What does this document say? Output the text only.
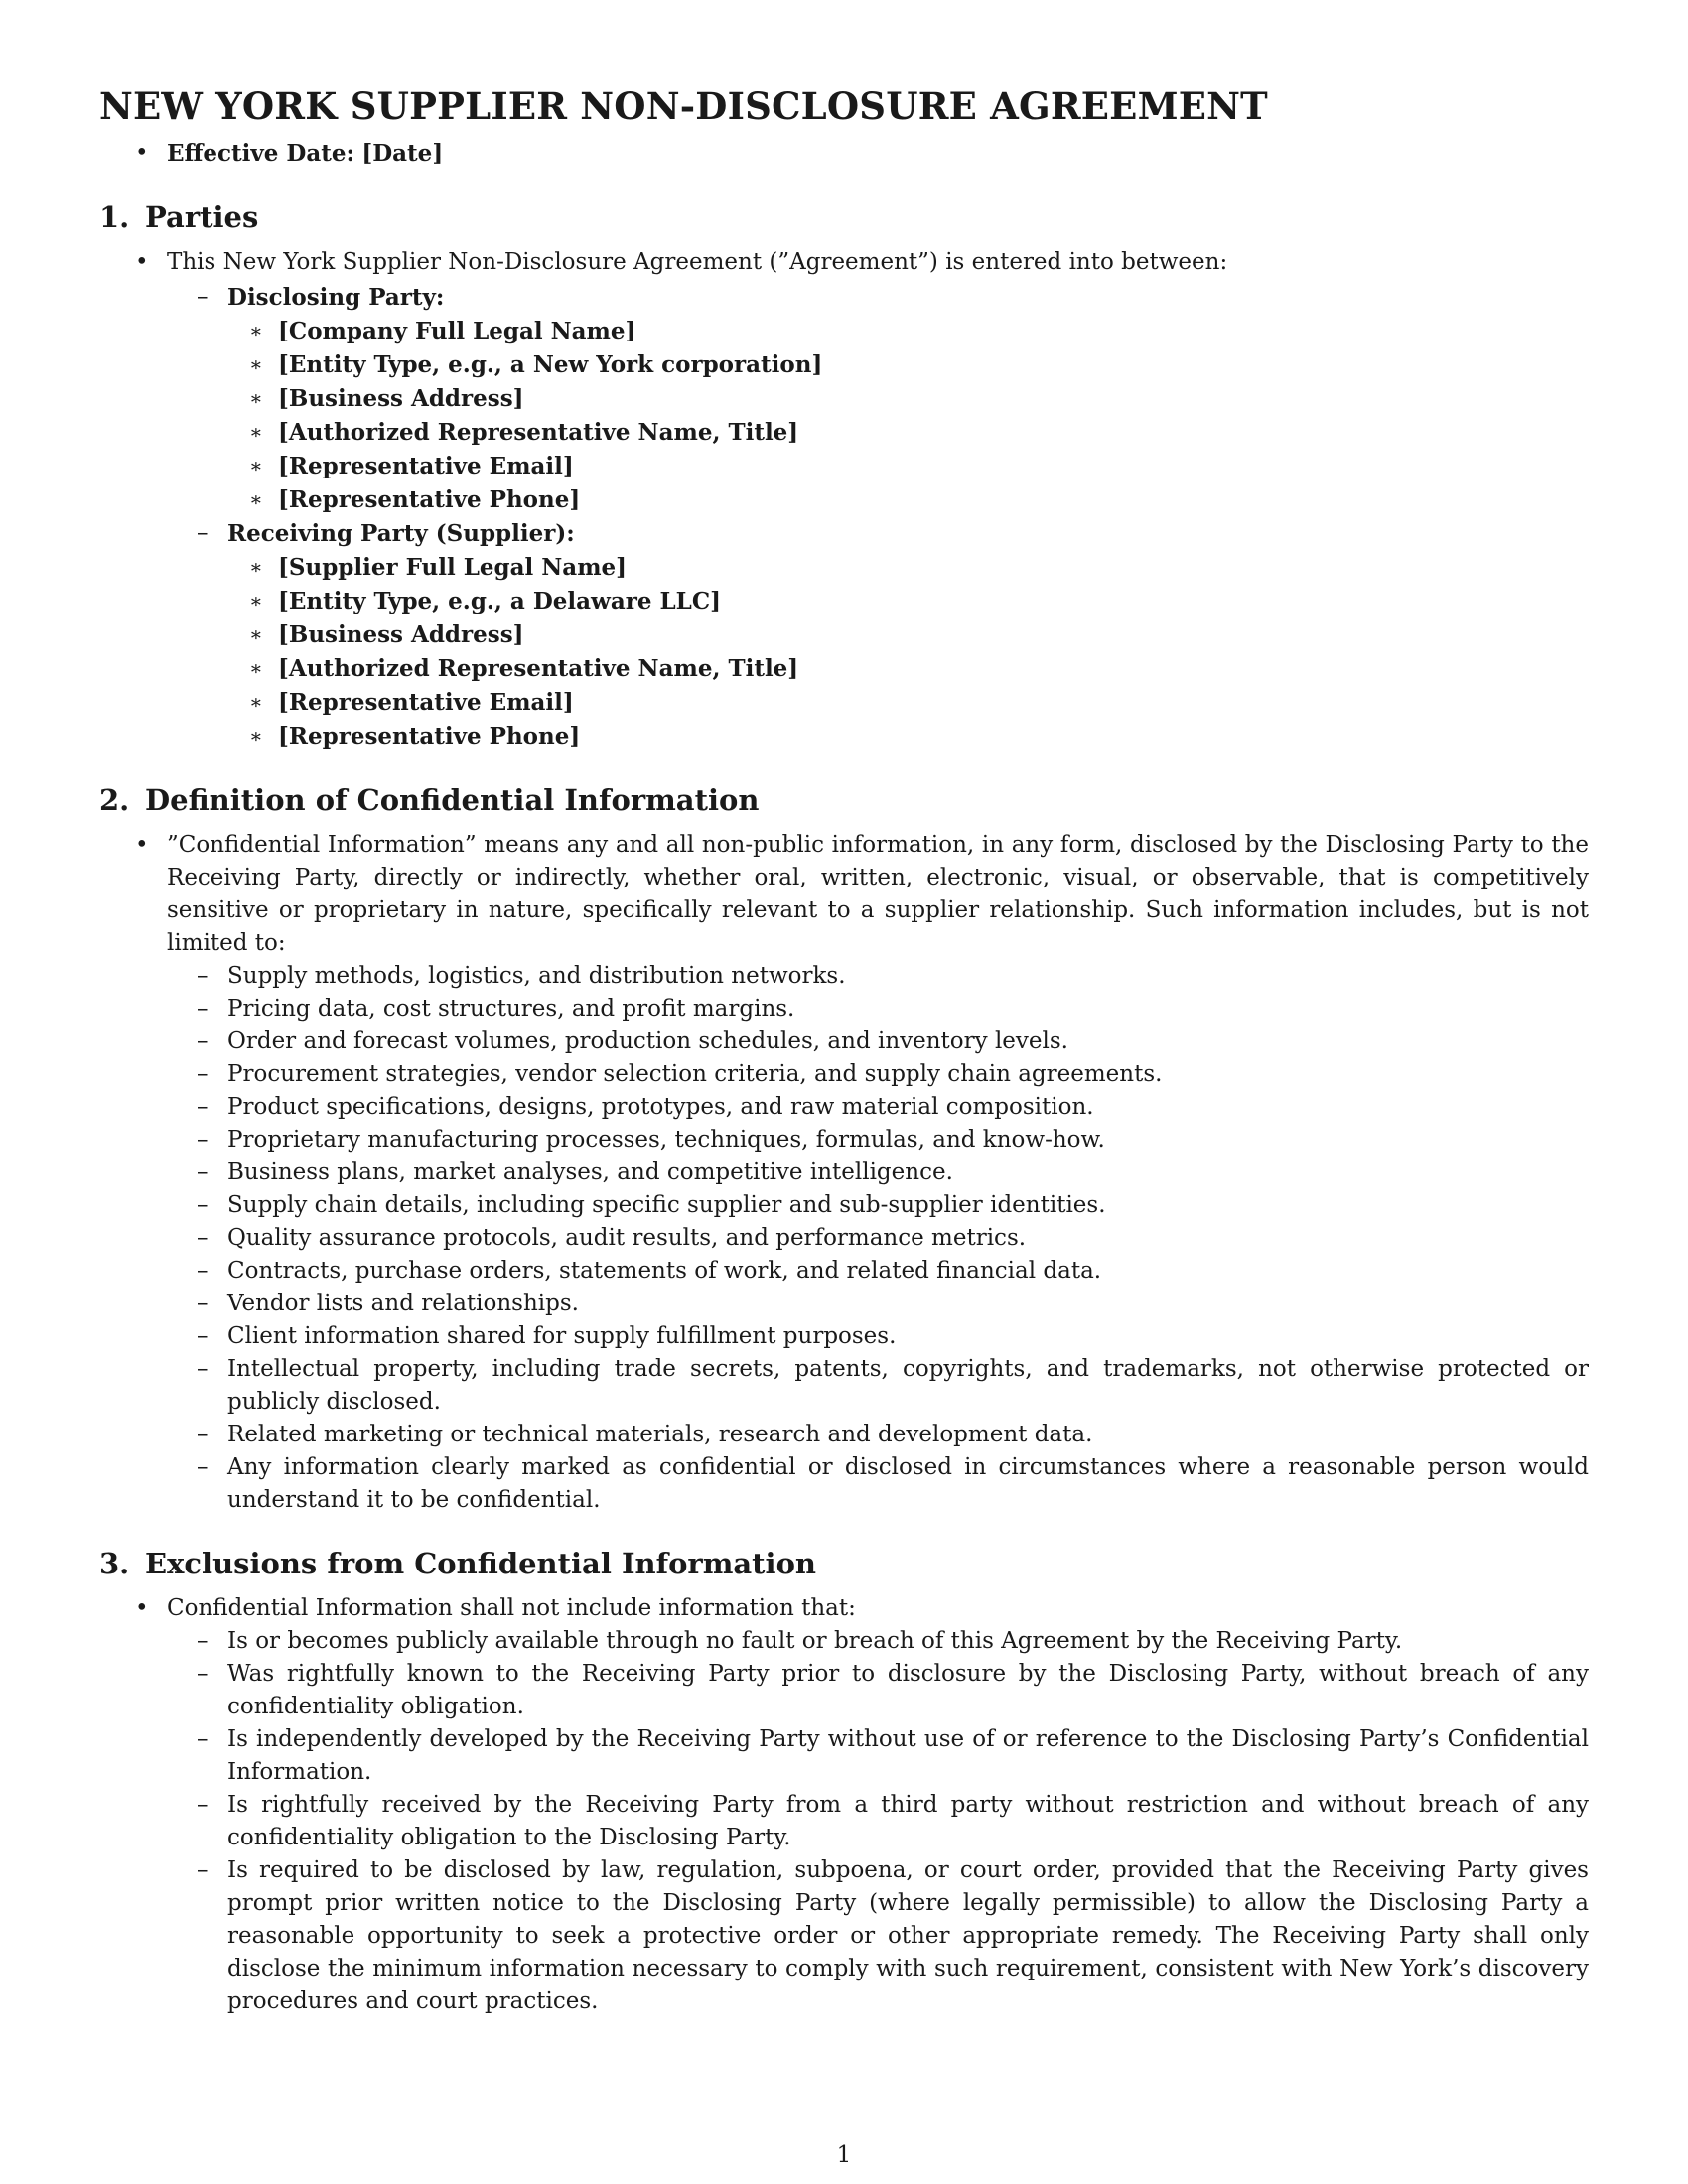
NEW YORK SUPPLIER NON-DISCLOSURE AGREEMENT
• Effective Date: [Date]
1. Parties
• This New York Supplier Non-Disclosure Agreement (”Agreement”) is entered into between:
– Disclosing Party:
∗ [Company Full Legal Name]
∗ [Entity Type, e.g., a New York corporation]
∗ [Business Address]
∗ [Authorized Representative Name, Title]
∗ [Representative Email]
∗ [Representative Phone]
– Receiving Party (Supplier):
∗ [Supplier Full Legal Name]
∗ [Entity Type, e.g., a Delaware LLC]
∗ [Business Address]
∗ [Authorized Representative Name, Title]
∗ [Representative Email]
∗ [Representative Phone]
2. Definition of Confidential Information
• ”Confidential Information” means any and all non-public information, in any form, disclosed by the Disclosing Party to the Receiving Party, directly or indirectly, whether oral, written, electronic, visual, or observable, that is competitively sensitive or proprietary in nature, specifically relevant to a supplier relationship. Such information includes, but is not limited to:
– Supply methods, logistics, and distribution networks.
– Pricing data, cost structures, and profit margins.
– Order and forecast volumes, production schedules, and inventory levels.
– Procurement strategies, vendor selection criteria, and supply chain agreements.
– Product specifications, designs, prototypes, and raw material composition.
– Proprietary manufacturing processes, techniques, formulas, and know-how.
– Business plans, market analyses, and competitive intelligence.
– Supply chain details, including specific supplier and sub-supplier identities.
– Quality assurance protocols, audit results, and performance metrics.
– Contracts, purchase orders, statements of work, and related financial data.
– Vendor lists and relationships.
– Client information shared for supply fulfillment purposes.
– Intellectual property, including trade secrets, patents, copyrights, and trademarks, not otherwise protected or publicly disclosed.
– Related marketing or technical materials, research and development data.
– Any information clearly marked as confidential or disclosed in circumstances where a reasonable person would understand it to be confidential.
3. Exclusions from Confidential Information
• Confidential Information shall not include information that:
– Is or becomes publicly available through no fault or breach of this Agreement by the Receiving Party.
– Was rightfully known to the Receiving Party prior to disclosure by the Disclosing Party, without breach of any confidentiality obligation.
– Is independently developed by the Receiving Party without use of or reference to the Disclosing Party’s Confidential Information.
– Is rightfully received by the Receiving Party from a third party without restriction and without breach of any confidentiality obligation to the Disclosing Party.
– Is required to be disclosed by law, regulation, subpoena, or court order, provided that the Receiving Party gives prompt prior written notice to the Disclosing Party (where legally permissible) to allow the Disclosing Party a reasonable opportunity to seek a protective order or other appropriate remedy. The Receiving Party shall only disclose the minimum information necessary to comply with such requirement, consistent with New York’s discovery procedures and court practices.
1
